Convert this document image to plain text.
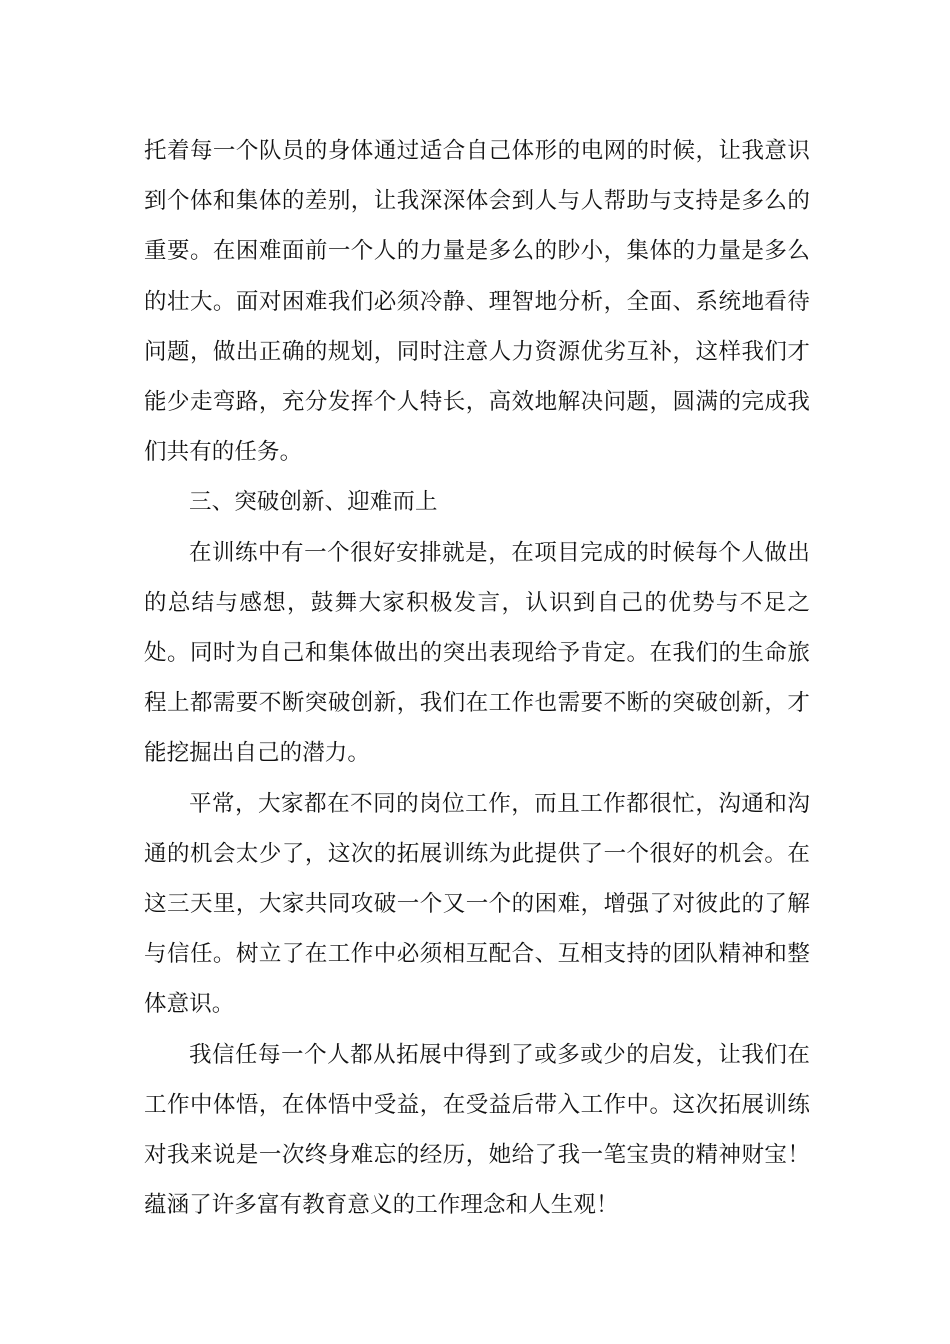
托着每一个队员的身体通过适合自己体形的电网的时候，让我意识到个体和集体的差别，让我深深体会到人与人帮助与支持是多么的重要。在困难面前一个人的力量是多么的眇小，集体的力量是多么的壮大。面对困难我们必须冷静、理智地分析，全面、系统地看待问题，做出正确的规划，同时注意人力资源优劣互补，这样我们才能少走弯路，充分发挥个人特长，高效地解决问题，圆满的完成我们共有的任务。

三、突破创新、迎难而上

在训练中有一个很好安排就是，在项目完成的时候每个人做出的总结与感想，鼓舞大家积极发言，认识到自己的优势与不足之处。同时为自己和集体做出的突出表现给予肯定。在我们的生命旅程上都需要不断突破创新，我们在工作也需要不断的突破创新，才能挖掘出自己的潜力。

平常，大家都在不同的岗位工作，而且工作都很忙，沟通和沟通的机会太少了，这次的拓展训练为此提供了一个很好的机会。在这三天里，大家共同攻破一个又一个的困难，增强了对彼此的了解与信任。树立了在工作中必须相互配合、互相支持的团队精神和整体意识。

我信任每一个人都从拓展中得到了或多或少的启发，让我们在工作中体悟，在体悟中受益，在受益后带入工作中。这次拓展训练对我来说是一次终身难忘的经历，她给了我一笔宝贵的精神财宝！蕴涵了许多富有教育意义的工作理念和人生观！
